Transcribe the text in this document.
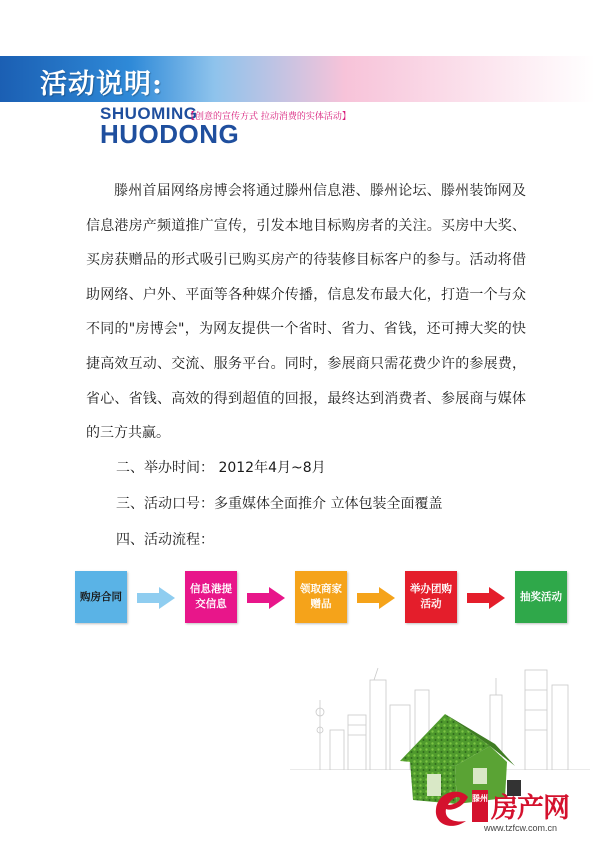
活动说明:
SHUOMING
【创意的宣传方式 拉动消费的实体活动】
HUODONG

滕州首届网络房博会将通过滕州信息港、滕州论坛、滕州装饰网及信息港房产频道推广宣传，引发本地目标购房者的关注。买房中大奖、买房获赠品的形式吸引已购买房产的待装修目标客户的参与。活动将借助网络、户外、平面等各种媒介传播，信息发布最大化，打造一个与众不同的"房博会"，为网友提供一个省时、省力、省钱，还可搏大奖的快捷高效互动、交流、服务平台。同时，参展商只需花费少许的参展费，省心、省钱、高效的得到超值的回报，最终达到消费者、参展商与媒体的三方共赢。

二、举办时间： 2012年4月~8月
三、活动口号：多重媒体全面推介 立体包装全面覆盖
四、活动流程：
购房合同
信息港提交信息
领取商家赠品
举办团购活动
抽奖活动
滕州 房产网
www.tzfcw.com.cn
